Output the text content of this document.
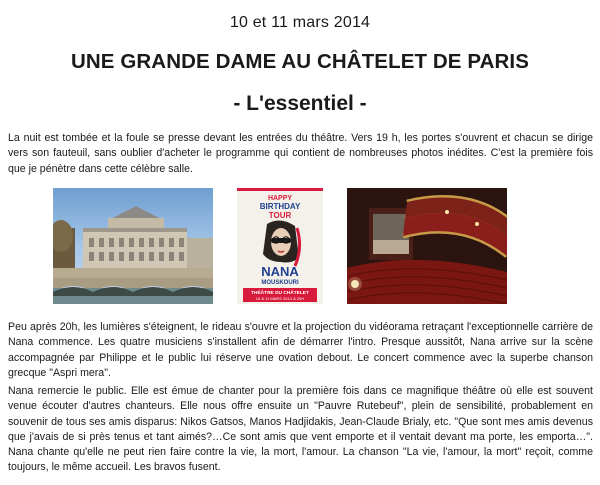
10 et 11 mars 2014
UNE GRANDE DAME AU CHÂTELET DE PARIS
- L'essentiel -
La nuit est tombée et la foule se presse devant les entrées du théâtre. Vers 19 h, les portes s'ouvrent et chacun se dirige vers son fauteuil, sans oublier d'acheter le programme qui contient de nombreuses photos inédites. C'est la première fois que je pénètre dans cette célèbre salle.
HAPPY
BIRTHDAY
TOUR
NANA
MOUSKOURI
THÉÂTRE DU CHÂTELET
10 & 11 MARS 2014 À 20H
Peu après 20h, les lumières s'éteignent, le rideau s'ouvre et la projection du vidéorama retraçant l'exceptionnelle carrière de Nana commence. Les quatre musiciens s'installent afin de démarrer l'intro. Presque aussitôt, Nana arrive sur la scène accompagnée par Philippe et le public lui réserve une ovation debout. Le concert commence avec la superbe chanson grecque "Aspri mera".
Nana remercie le public. Elle est émue de chanter pour la première fois dans ce magnifique théâtre où elle est souvent venue écouter d'autres chanteurs. Elle nous offre ensuite un "Pauvre Rutebeuf", plein de sensibilité, probablement en souvenir de tous ses amis disparus: Nikos Gatsos, Manos Hadjidakis, Jean-Claude Brialy, etc. "Que sont mes amis devenus que j'avais de si près tenus et tant aimés?…Ce sont amis que vent emporte et il ventait devant ma porte, les emporta…". Nana chante qu'elle ne peut rien faire contre la vie, la mort, l'amour. La chanson "La vie, l'amour, la mort" reçoit, comme toujours, le même accueil. Les bravos fusent.
